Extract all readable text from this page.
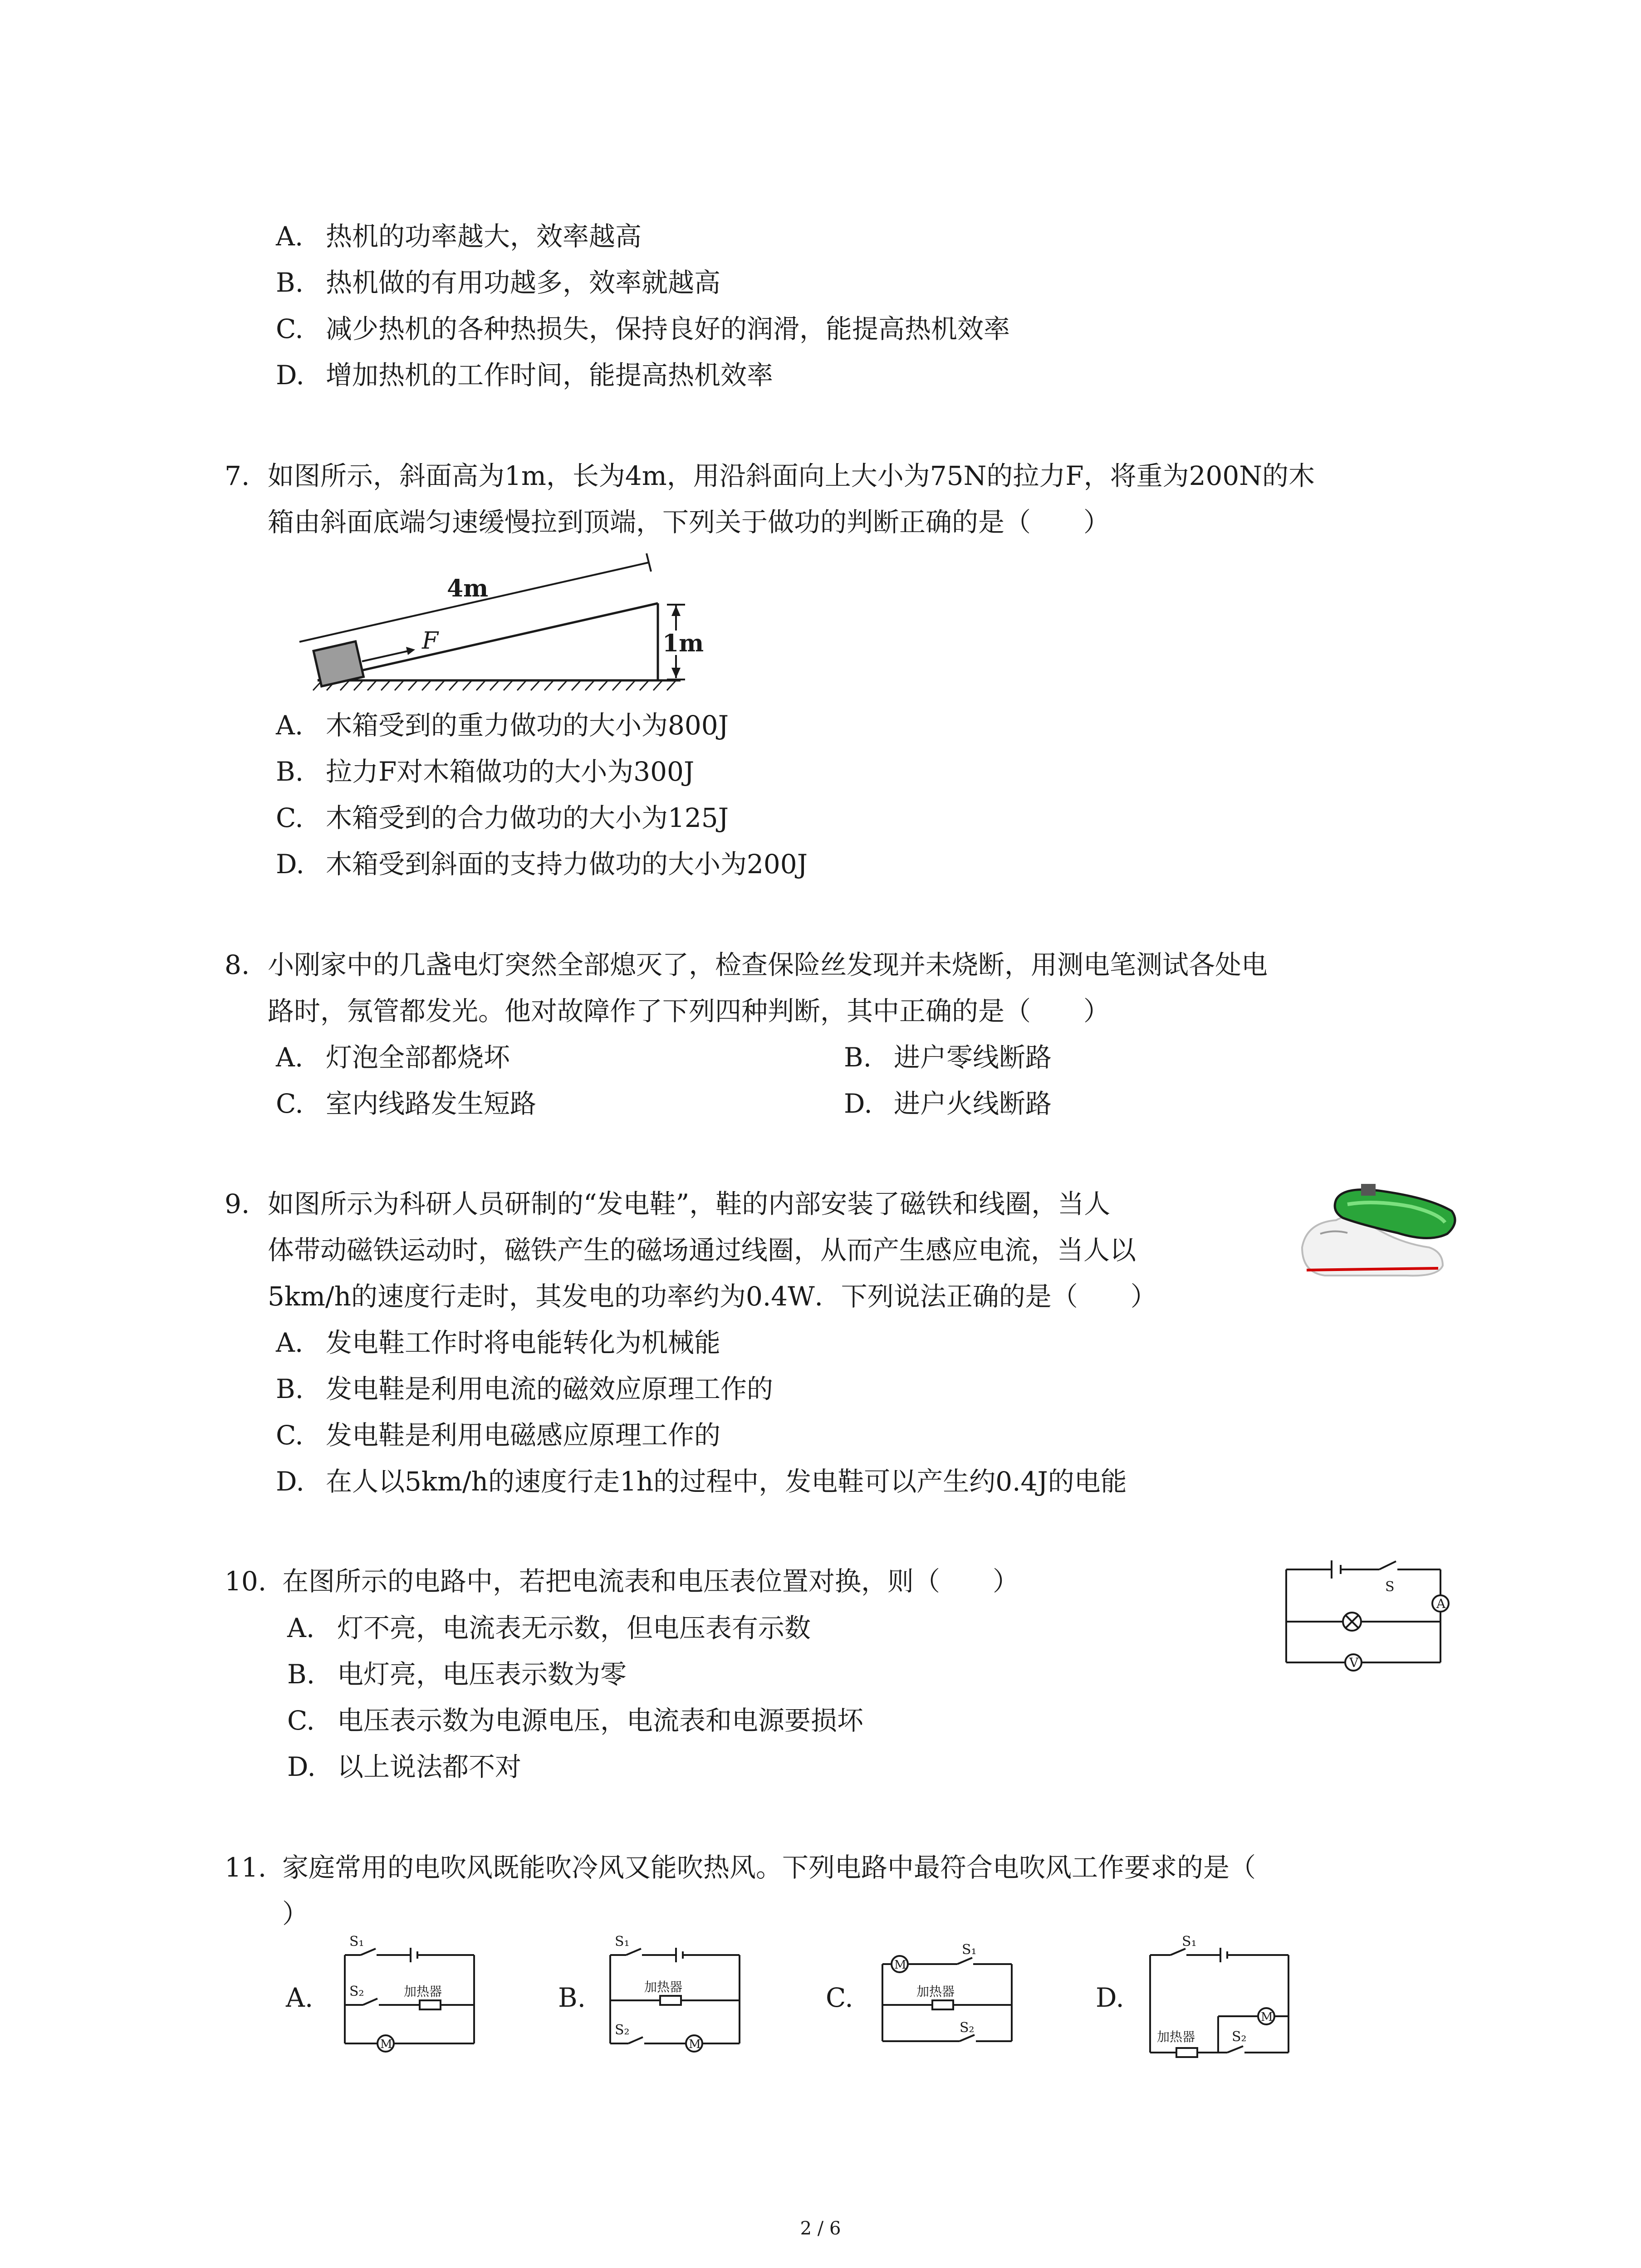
A. 热机的功率越大，效率越高
B. 热机做的有用功越多，效率就越高
C. 减少热机的各种热损失，保持良好的润滑，能提高热机效率
D. 增加热机的工作时间，能提高热机效率
7. 如图所示，斜面高为1m，长为4m，用沿斜面向上大小为75N的拉力F，将重为200N的木
箱由斜面底端匀速缓慢拉到顶端，下列关于做功的判断正确的是（　　）
F
4m
1m
A. 木箱受到的重力做功的大小为800J
B. 拉力F对木箱做功的大小为300J
C. 木箱受到的合力做功的大小为125J
D. 木箱受到斜面的支持力做功的大小为200J
8. 小刚家中的几盏电灯突然全部熄灭了，检查保险丝发现并未烧断，用测电笔测试各处电
路时，氖管都发光。他对故障作了下列四种判断，其中正确的是（　　）
A. 灯泡全部都烧坏	B. 进户零线断路
C. 室内线路发生短路	D. 进户火线断路
9. 如图所示为科研人员研制的“发电鞋”，鞋的内部安装了磁铁和线圈，当人
体带动磁铁运动时，磁铁产生的磁场通过线圈，从而产生感应电流，当人以
5km/h的速度行走时，其发电的功率约为0.4W．下列说法正确的是（　　）
A. 发电鞋工作时将电能转化为机械能
B. 发电鞋是利用电流的磁效应原理工作的
C. 发电鞋是利用电磁感应原理工作的
D. 在人以5km/h的速度行走1h的过程中，发电鞋可以产生约0.4J的电能
10. 在图所示的电路中，若把电流表和电压表位置对换，则（　　）
A
V
S
A. 灯不亮，电流表无示数，但电压表有示数
B. 电灯亮，电压表示数为零
C. 电压表示数为电源电压，电流表和电源要损坏
D. 以上说法都不对
11. 家庭常用的电吹风既能吹冷风又能吹热风。下列电路中最符合电吹风工作要求的是（
）
A.
M
S₁
S₂	加热器	B.
M
S₁
S₂
加热器	C.
M
S₁
S₂
加热器	D.
M
S₁
S₂
加热器
2 / 6
